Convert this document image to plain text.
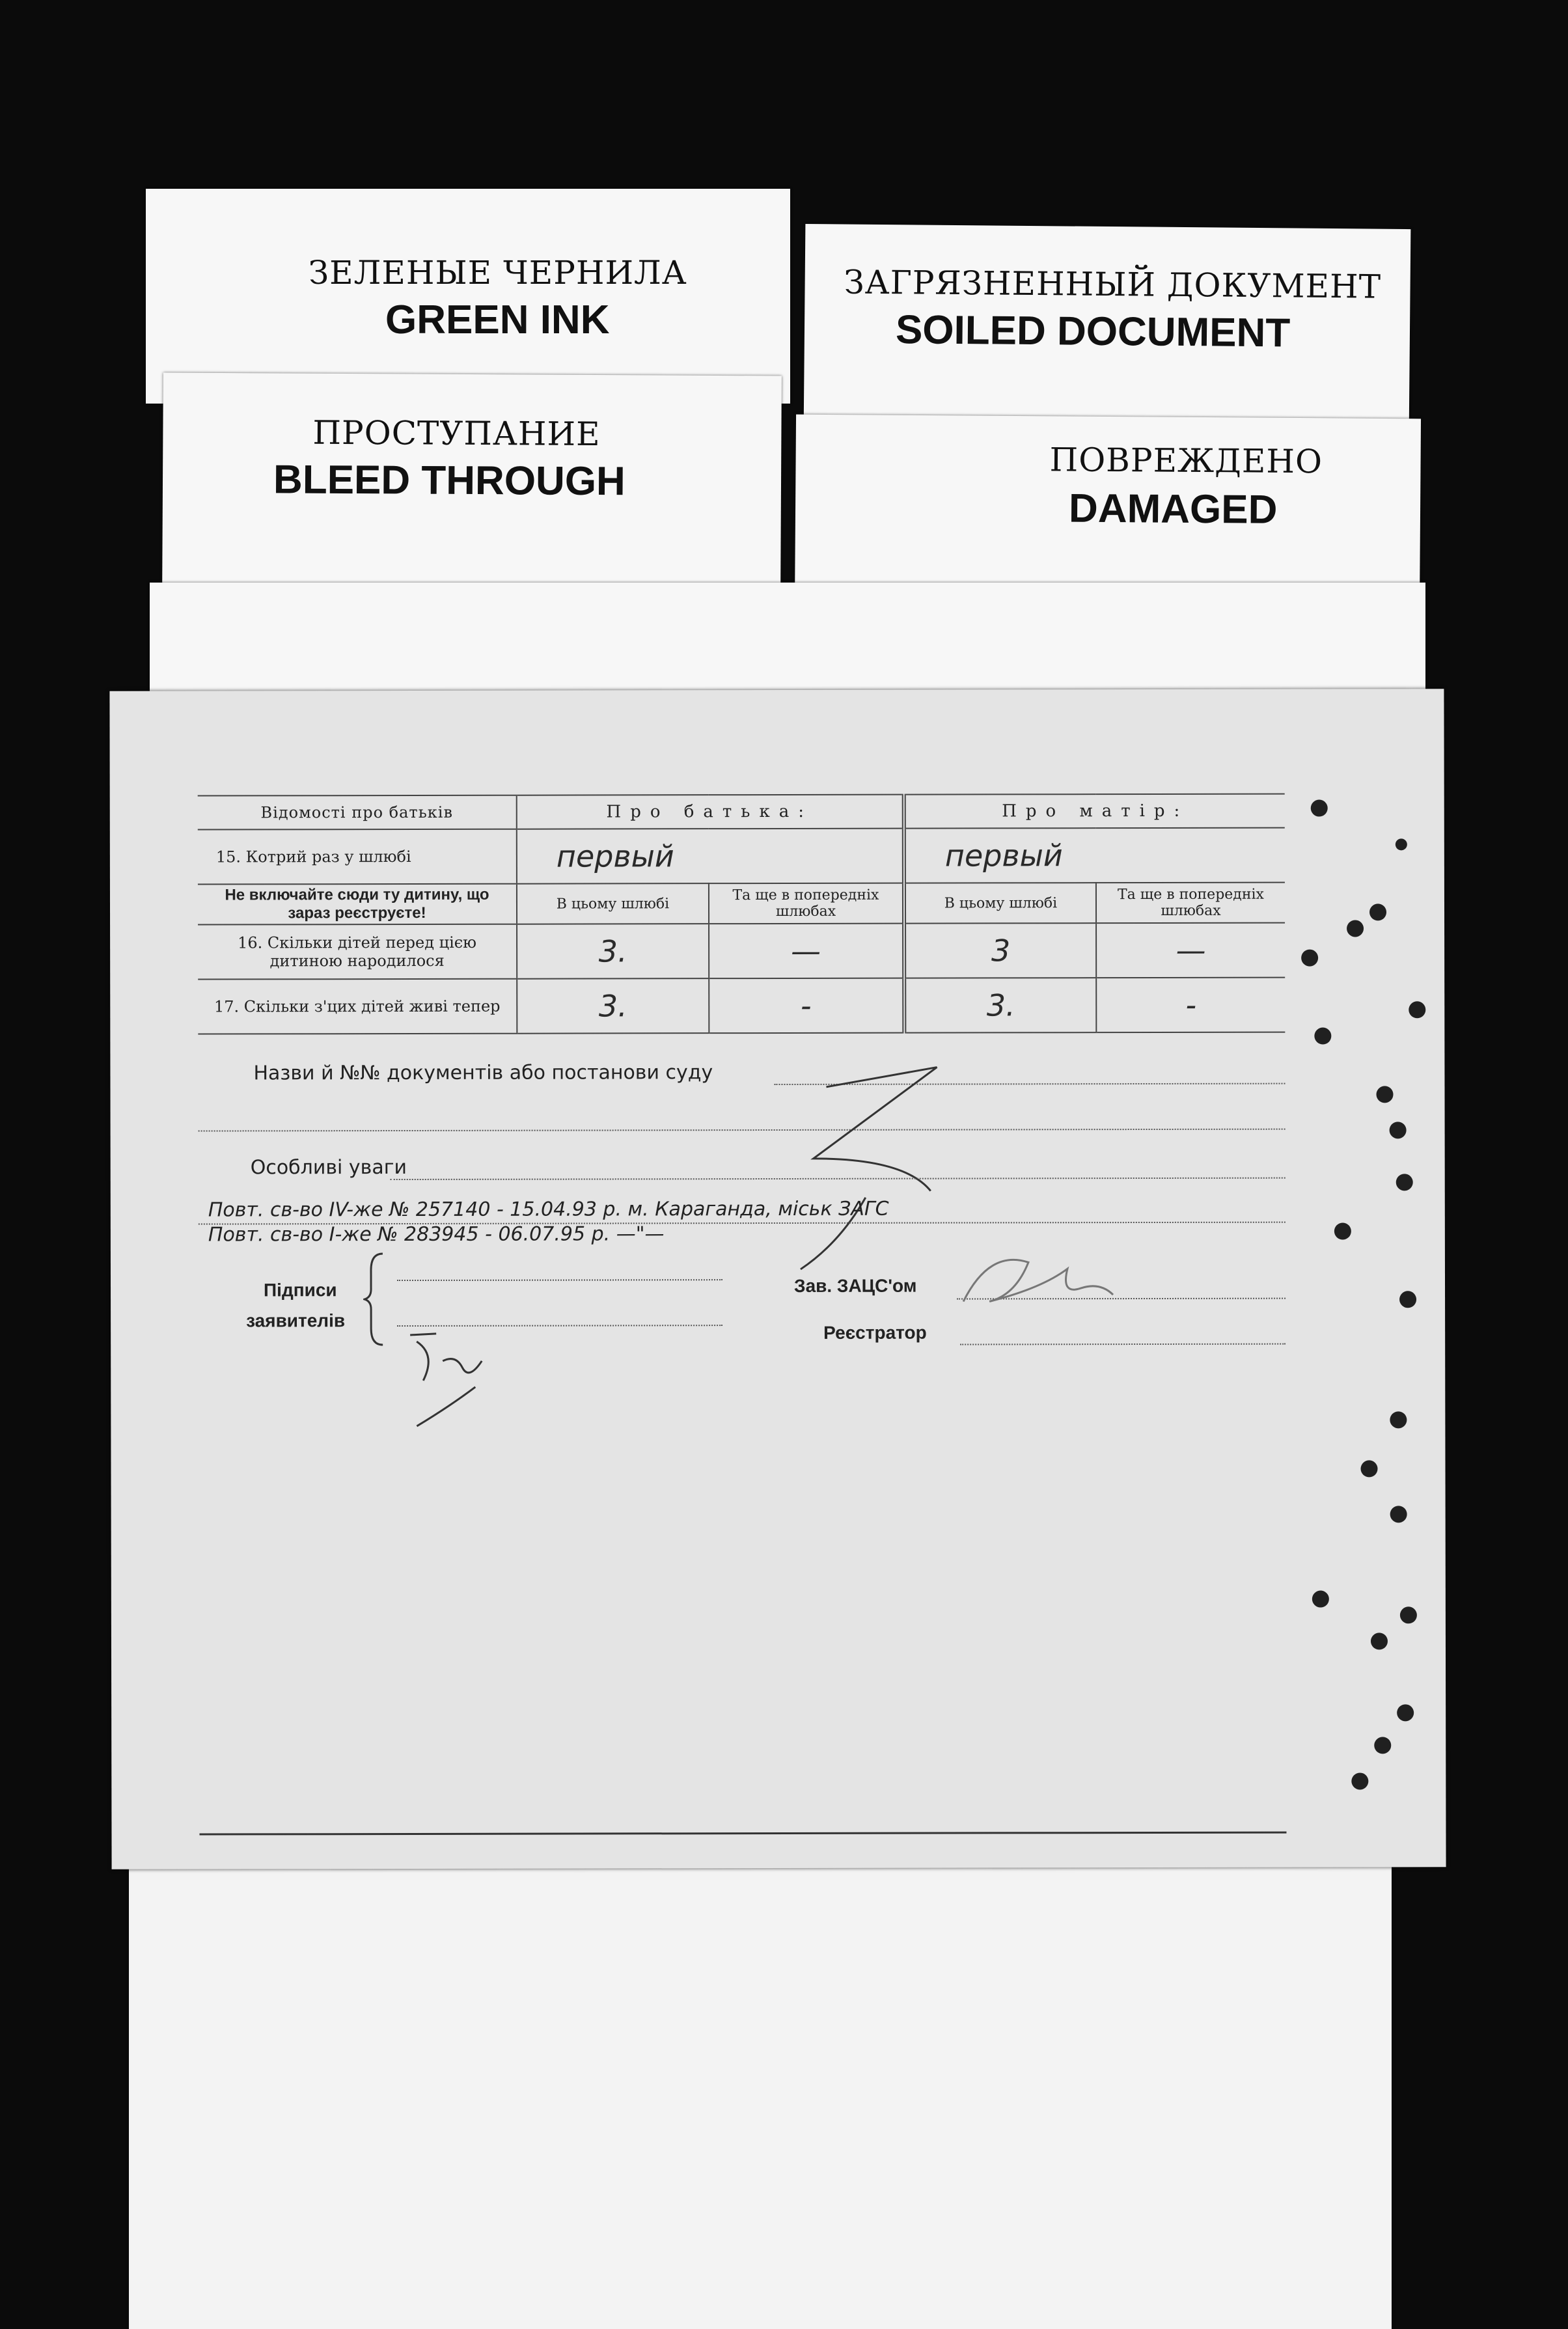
ЗЕЛЕНЫЕ ЧЕРНИЛА
GREEN INK
ЗАГРЯЗНЕННЫЙ ДОКУМЕНТ
SOILED DOCUMENT
ПРОСТУПАНИЕ
BLEED THROUGH	ПОВРЕЖДЕНО
DAMAGED
Відомості про батьків	Про батька:		Про матір:	
15. Котрий раз у шлюбі	первый		первый	
Не включайте сюди ту дитину, що зараз реєструєте!	В цьому шлюбі	Та ще в попередніх шлюбах	В цьому шлюбі	Та ще в попередніх шлюбах
16. Скільки дітей перед цією дитиною народилося	3.	—	3	—
17. Скільки з'цих дітей живі тепер	3.	-	3.	-
Назви й №№ документів або постанови суду
Особливі уваги
Повт. св-во IV-же № 257140 - 15.04.93 р. м. Караганда, міськ ЗАГС
Повт. св-во I-же № 283945 - 06.07.95 р. —"—
Підписи
заявителів
Зав. ЗАЦС'ом
Реєстратор
